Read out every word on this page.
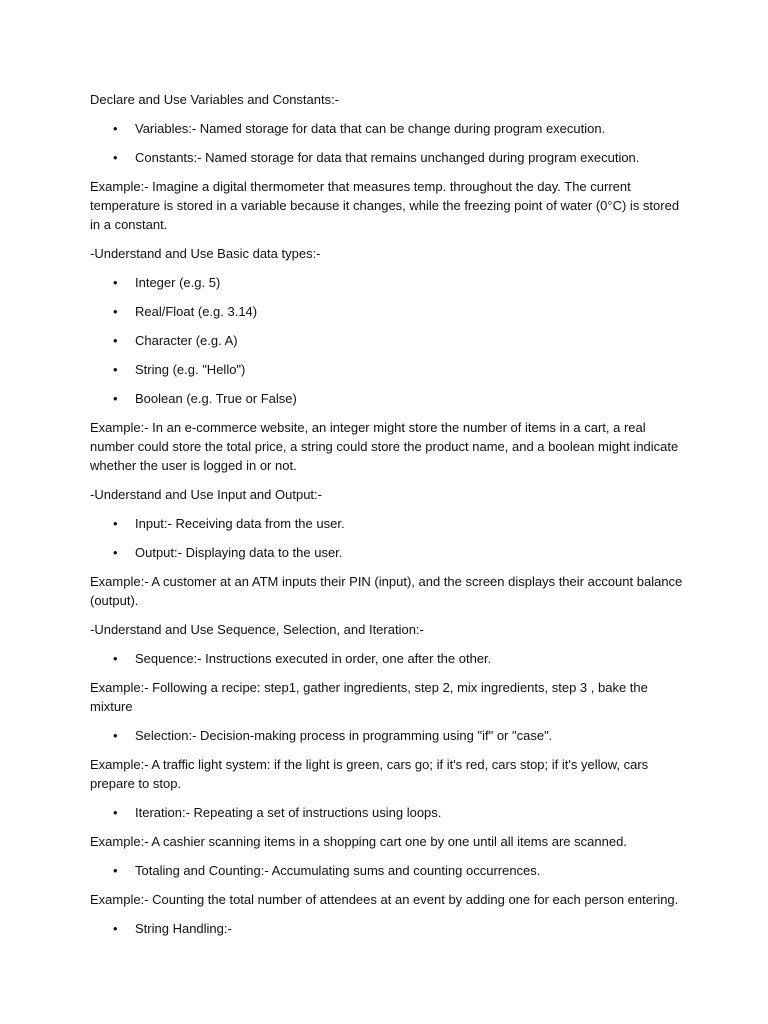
Declare and Use Variables and Constants:-

• Variables:- Named storage for data that can be change during program execution.
• Constants:- Named storage for data that remains unchanged during program execution.

Example:- Imagine a digital thermometer that measures temp. throughout the day. The current temperature is stored in a variable because it changes, while the freezing point of water (0°C) is stored in a constant.

-Understand and Use Basic data types:-

• Integer (e.g. 5)
• Real/Float (e.g. 3.14)
• Character (e.g. A)
• String (e.g. "Hello")
• Boolean (e.g. True or False)

Example:- In an e-commerce website, an integer might store the number of items in a cart, a real number could store the total price, a string could store the product name, and a boolean might indicate whether the user is logged in or not.

-Understand and Use Input and Output:-

• Input:- Receiving data from the user.
• Output:- Displaying data to the user.

Example:- A customer at an ATM inputs their PIN (input), and the screen displays their account balance (output).

-Understand and Use Sequence, Selection, and Iteration:-

• Sequence:- Instructions executed in order, one after the other.

Example:- Following a recipe: step1, gather ingredients, step 2, mix ingredients, step 3 , bake the mixture

• Selection:- Decision-making process in programming using "if" or "case".

Example:- A traffic light system: if the light is green, cars go; if it's red, cars stop; if it's yellow, cars prepare to stop.

• Iteration:- Repeating a set of instructions using loops.

Example:- A cashier scanning items in a shopping cart one by one until all items are scanned.

• Totaling and Counting:- Accumulating sums and counting occurrences.

Example:- Counting the total number of attendees at an event by adding one for each person entering.

• String Handling:-
